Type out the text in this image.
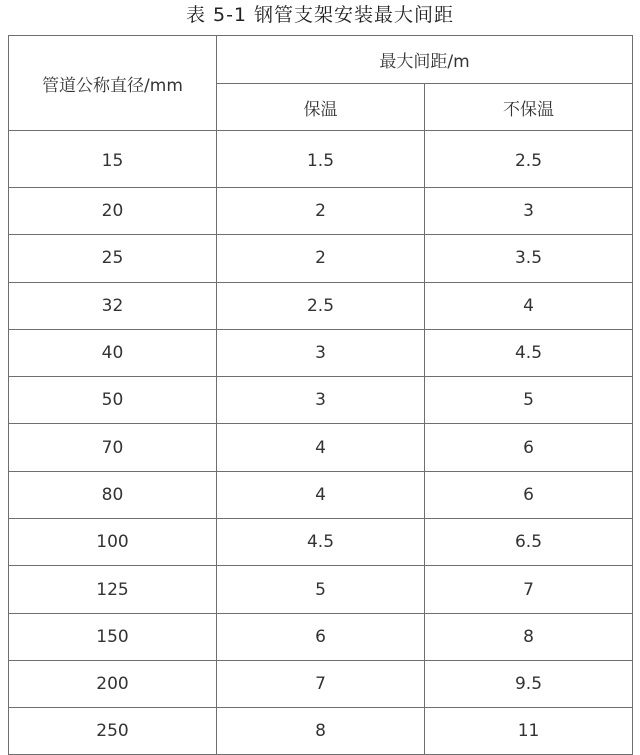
表 5-1 钢管支架安装最大间距
管道公称直径/mm	最大间距/m	
	保温	不保温
15	1.5	2.5
20	2	3
25	2	3.5
32	2.5	4
40	3	4.5
50	3	5
70	4	6
80	4	6
100	4.5	6.5
125	5	7
150	6	8
200	7	9.5
250	8	11
